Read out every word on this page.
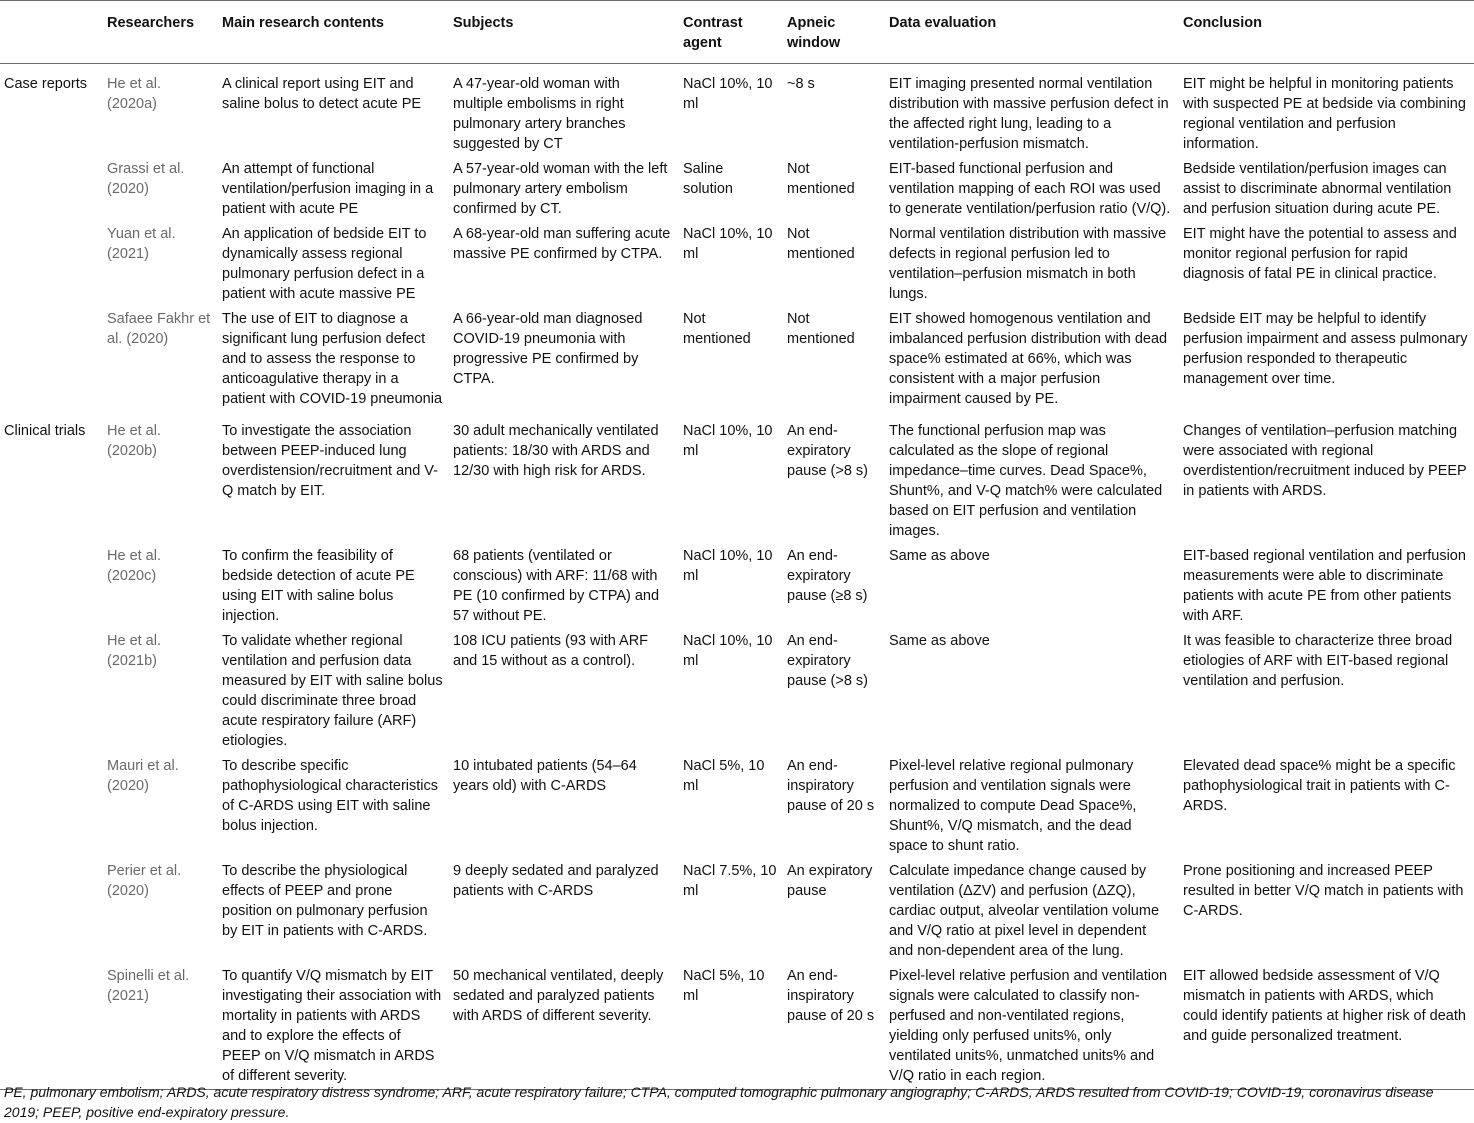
	Researchers	Main research contents	Subjects	Contrast agent	Apneic window	Data evaluation	Conclusion
Case reports	He et al. (2020a)	A clinical report using EIT and saline bolus to detect acute PE	A 47-year-old woman with multiple embolisms in right pulmonary artery branches suggested by CT	NaCl 10%, 10 ml	~8 s	EIT imaging presented normal ventilation distribution with massive perfusion defect in the affected right lung, leading to a ventilation-perfusion mismatch.	EIT might be helpful in monitoring patients with suspected PE at bedside via combining regional ventilation and perfusion information.
	Grassi et al. (2020)	An attempt of functional ventilation/perfusion imaging in a patient with acute PE	A 57-year-old woman with the left pulmonary artery embolism confirmed by CT.	Saline solution	Not mentioned	EIT-based functional perfusion and ventilation mapping of each ROI was used to generate ventilation/perfusion ratio (V/Q).	Bedside ventilation/perfusion images can assist to discriminate abnormal ventilation and perfusion situation during acute PE.
	Yuan et al. (2021)	An application of bedside EIT to dynamically assess regional pulmonary perfusion defect in a patient with acute massive PE	A 68-year-old man suffering acute massive PE confirmed by CTPA.	NaCl 10%, 10 ml	Not mentioned	Normal ventilation distribution with massive defects in regional perfusion led to ventilation–perfusion mismatch in both lungs.	EIT might have the potential to assess and monitor regional perfusion for rapid diagnosis of fatal PE in clinical practice.
	Safaee Fakhr et al. (2020)	The use of EIT to diagnose a significant lung perfusion defect and to assess the response to anticoagulative therapy in a patient with COVID-19 pneumonia	A 66-year-old man diagnosed COVID-19 pneumonia with progressive PE confirmed by CTPA.	Not mentioned	Not mentioned	EIT showed homogenous ventilation and imbalanced perfusion distribution with dead space% estimated at 66%, which was consistent with a major perfusion impairment caused by PE.	Bedside EIT may be helpful to identify perfusion impairment and assess pulmonary perfusion responded to therapeutic management over time.
Clinical trials	He et al. (2020b)	To investigate the association between PEEP-induced lung overdistension/recruitment and V-Q match by EIT.	30 adult mechanically ventilated patients: 18/30 with ARDS and 12/30 with high risk for ARDS.	NaCl 10%, 10 ml	An end-expiratory pause (>8 s)	The functional perfusion map was calculated as the slope of regional impedance–time curves. Dead Space%, Shunt%, and V-Q match% were calculated based on EIT perfusion and ventilation images.	Changes of ventilation–perfusion matching were associated with regional overdistention/recruitment induced by PEEP in patients with ARDS.
	He et al. (2020c)	To confirm the feasibility of bedside detection of acute PE using EIT with saline bolus injection.	68 patients (ventilated or conscious) with ARF: 11/68 with PE (10 confirmed by CTPA) and 57 without PE.	NaCl 10%, 10 ml	An end-expiratory pause (≥8 s)	Same as above	EIT-based regional ventilation and perfusion measurements were able to discriminate patients with acute PE from other patients with ARF.
	He et al. (2021b)	To validate whether regional ventilation and perfusion data measured by EIT with saline bolus could discriminate three broad acute respiratory failure (ARF) etiologies.	108 ICU patients (93 with ARF and 15 without as a control).	NaCl 10%, 10 ml	An end-expiratory pause (>8 s)	Same as above	It was feasible to characterize three broad etiologies of ARF with EIT-based regional ventilation and perfusion.
	Mauri et al. (2020)	To describe specific pathophysiological characteristics of C-ARDS using EIT with saline bolus injection.	10 intubated patients (54–64 years old) with C-ARDS	NaCl 5%, 10 ml	An end-inspiratory pause of 20 s	Pixel-level relative regional pulmonary perfusion and ventilation signals were normalized to compute Dead Space%, Shunt%, V/Q mismatch, and the dead space to shunt ratio.	Elevated dead space% might be a specific pathophysiological trait in patients with C-ARDS.
	Perier et al. (2020)	To describe the physiological effects of PEEP and prone position on pulmonary perfusion by EIT in patients with C-ARDS.	9 deeply sedated and paralyzed patients with C-ARDS	NaCl 7.5%, 10 ml	An expiratory pause	Calculate impedance change caused by ventilation (ΔZV) and perfusion (ΔZQ), cardiac output, alveolar ventilation volume and V/Q ratio at pixel level in dependent and non-dependent area of the lung.	Prone positioning and increased PEEP resulted in better V/Q match in patients with C-ARDS.
	Spinelli et al. (2021)	To quantify V/Q mismatch by EIT investigating their association with mortality in patients with ARDS and to explore the effects of PEEP on V/Q mismatch in ARDS of different severity.	50 mechanical ventilated, deeply sedated and paralyzed patients with ARDS of different severity.	NaCl 5%, 10 ml	An end-inspiratory pause of 20 s	Pixel-level relative perfusion and ventilation signals were calculated to classify non-perfused and non-ventilated regions, yielding only perfused units%, only ventilated units%, unmatched units% and V/Q ratio in each region.	EIT allowed bedside assessment of V/Q mismatch in patients with ARDS, which could identify patients at higher risk of death and guide personalized treatment.

PE, pulmonary embolism; ARDS, acute respiratory distress syndrome; ARF, acute respiratory failure; CTPA, computed tomographic pulmonary angiography; C-ARDS, ARDS resulted from COVID-19; COVID-19, coronavirus disease 2019; PEEP, positive end-expiratory pressure.
